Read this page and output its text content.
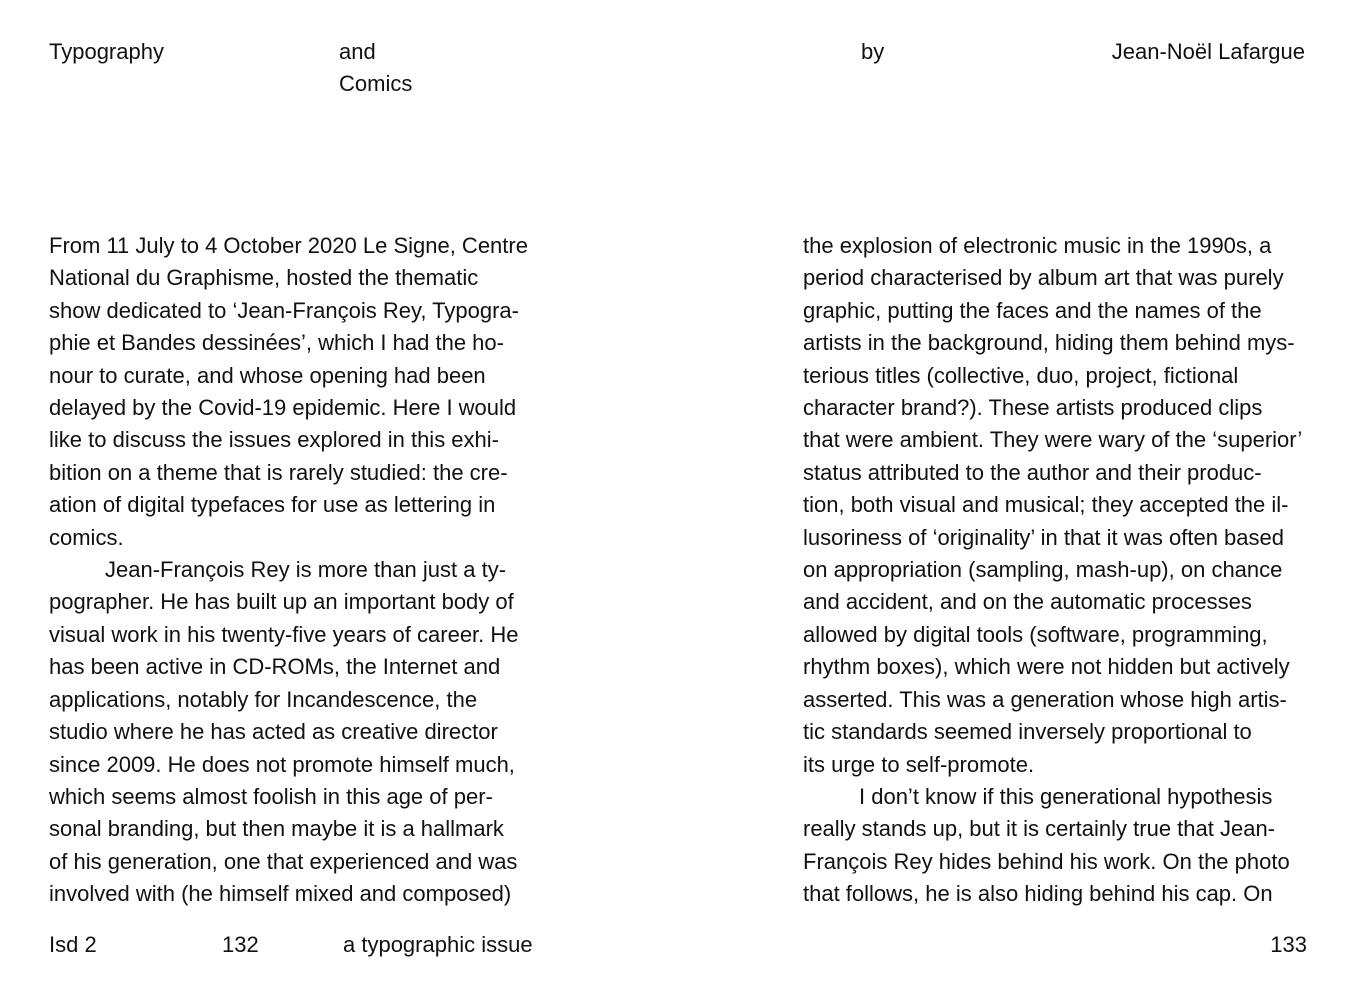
Typography	and

Comics

by	Jean-Noël Lafargue

From 11 July to 4 October 2020 Le Signe, Centre

National du Graphisme, hosted the thematic

show dedicated to ‘Jean-François Rey, Typogra-

phie et Bandes dessinées’, which I had the ho-

nour to curate, and whose opening had been

delayed by the Covid-19 epidemic. Here I would

like to discuss the issues explored in this exhi-

bition on a theme that is rarely studied: the cre-

ation of digital typefaces for use as lettering in

comics.

Jean-François Rey is more than just a ty-

pographer. He has built up an important body of

visual work in his twenty-five years of career. He

has been active in CD-ROMs, the Internet and

applications, notably for Incandescence, the

studio where he has acted as creative director

since 2009. He does not promote himself much,

which seems almost foolish in this age of per-

sonal branding, but then maybe it is a hallmark

of his generation, one that experienced and was

involved with (he himself mixed and composed)

the explosion of electronic music in the 1990s, a

period characterised by album art that was purely

graphic, putting the faces and the names of the

artists in the background, hiding them behind mys-

terious titles (collective, duo, project, fictional

character brand?). These artists produced clips

that were ambient. They were wary of the ‘superior’

status attributed to the author and their produc-

tion, both visual and musical; they accepted the il-

lusoriness of ‘originality’ in that it was often based

on appropriation (sampling, mash-up), on chance

and accident, and on the automatic processes

allowed by digital tools (software, programming,

rhythm boxes), which were not hidden but actively

asserted. This was a generation whose high artis-

tic standards seemed inversely proportional to

its urge to self-promote.

I don’t know if this generational hypothesis

really stands up, but it is certainly true that Jean-

François Rey hides behind his work. On the photo

that follows, he is also hiding behind his cap. On

Isd 2	132	a typographic issue	133
